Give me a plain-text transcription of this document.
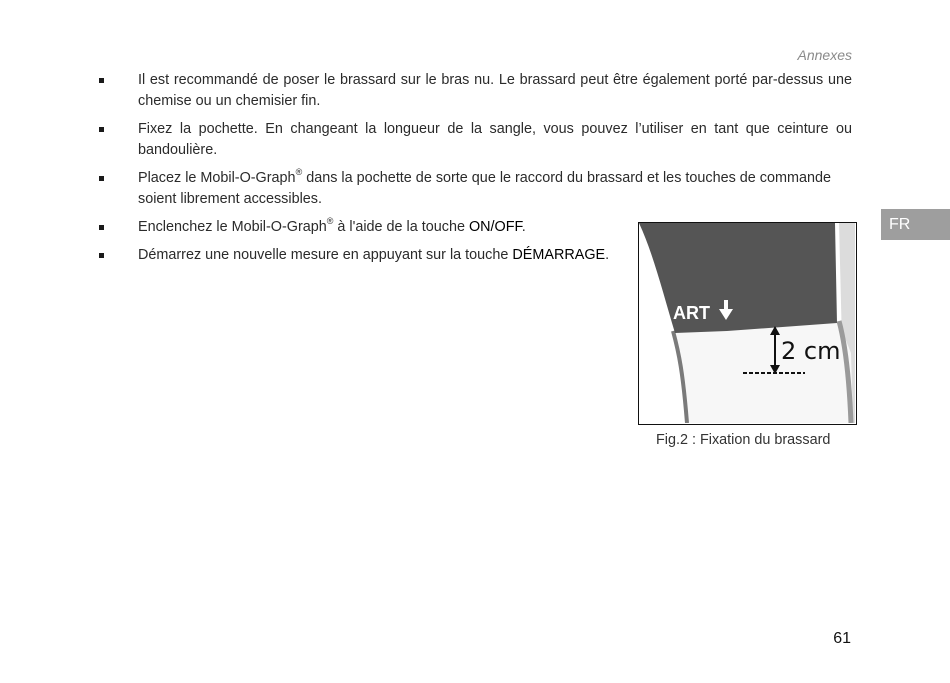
Annexes
FR
Il est recommandé de poser le brassard sur le bras nu. Le brassard peut être également porté par-dessus une chemise ou un chemisier fin.
Fixez la pochette. En changeant la longueur de la sangle, vous pouvez l’utiliser en tant que ceinture ou bandoulière.
Placez le Mobil-O-Graph® dans la pochette de sorte que le raccord du brassard et les touches de commande soient librement accessibles.
Enclenchez le Mobil-O-Graph® à l'aide de la touche ON/OFF.
Démarrez une nouvelle mesure en appuyant sur la touche DÉMARRAGE.
ART
2 cm
Fig.2 : Fixation du brassard
61
